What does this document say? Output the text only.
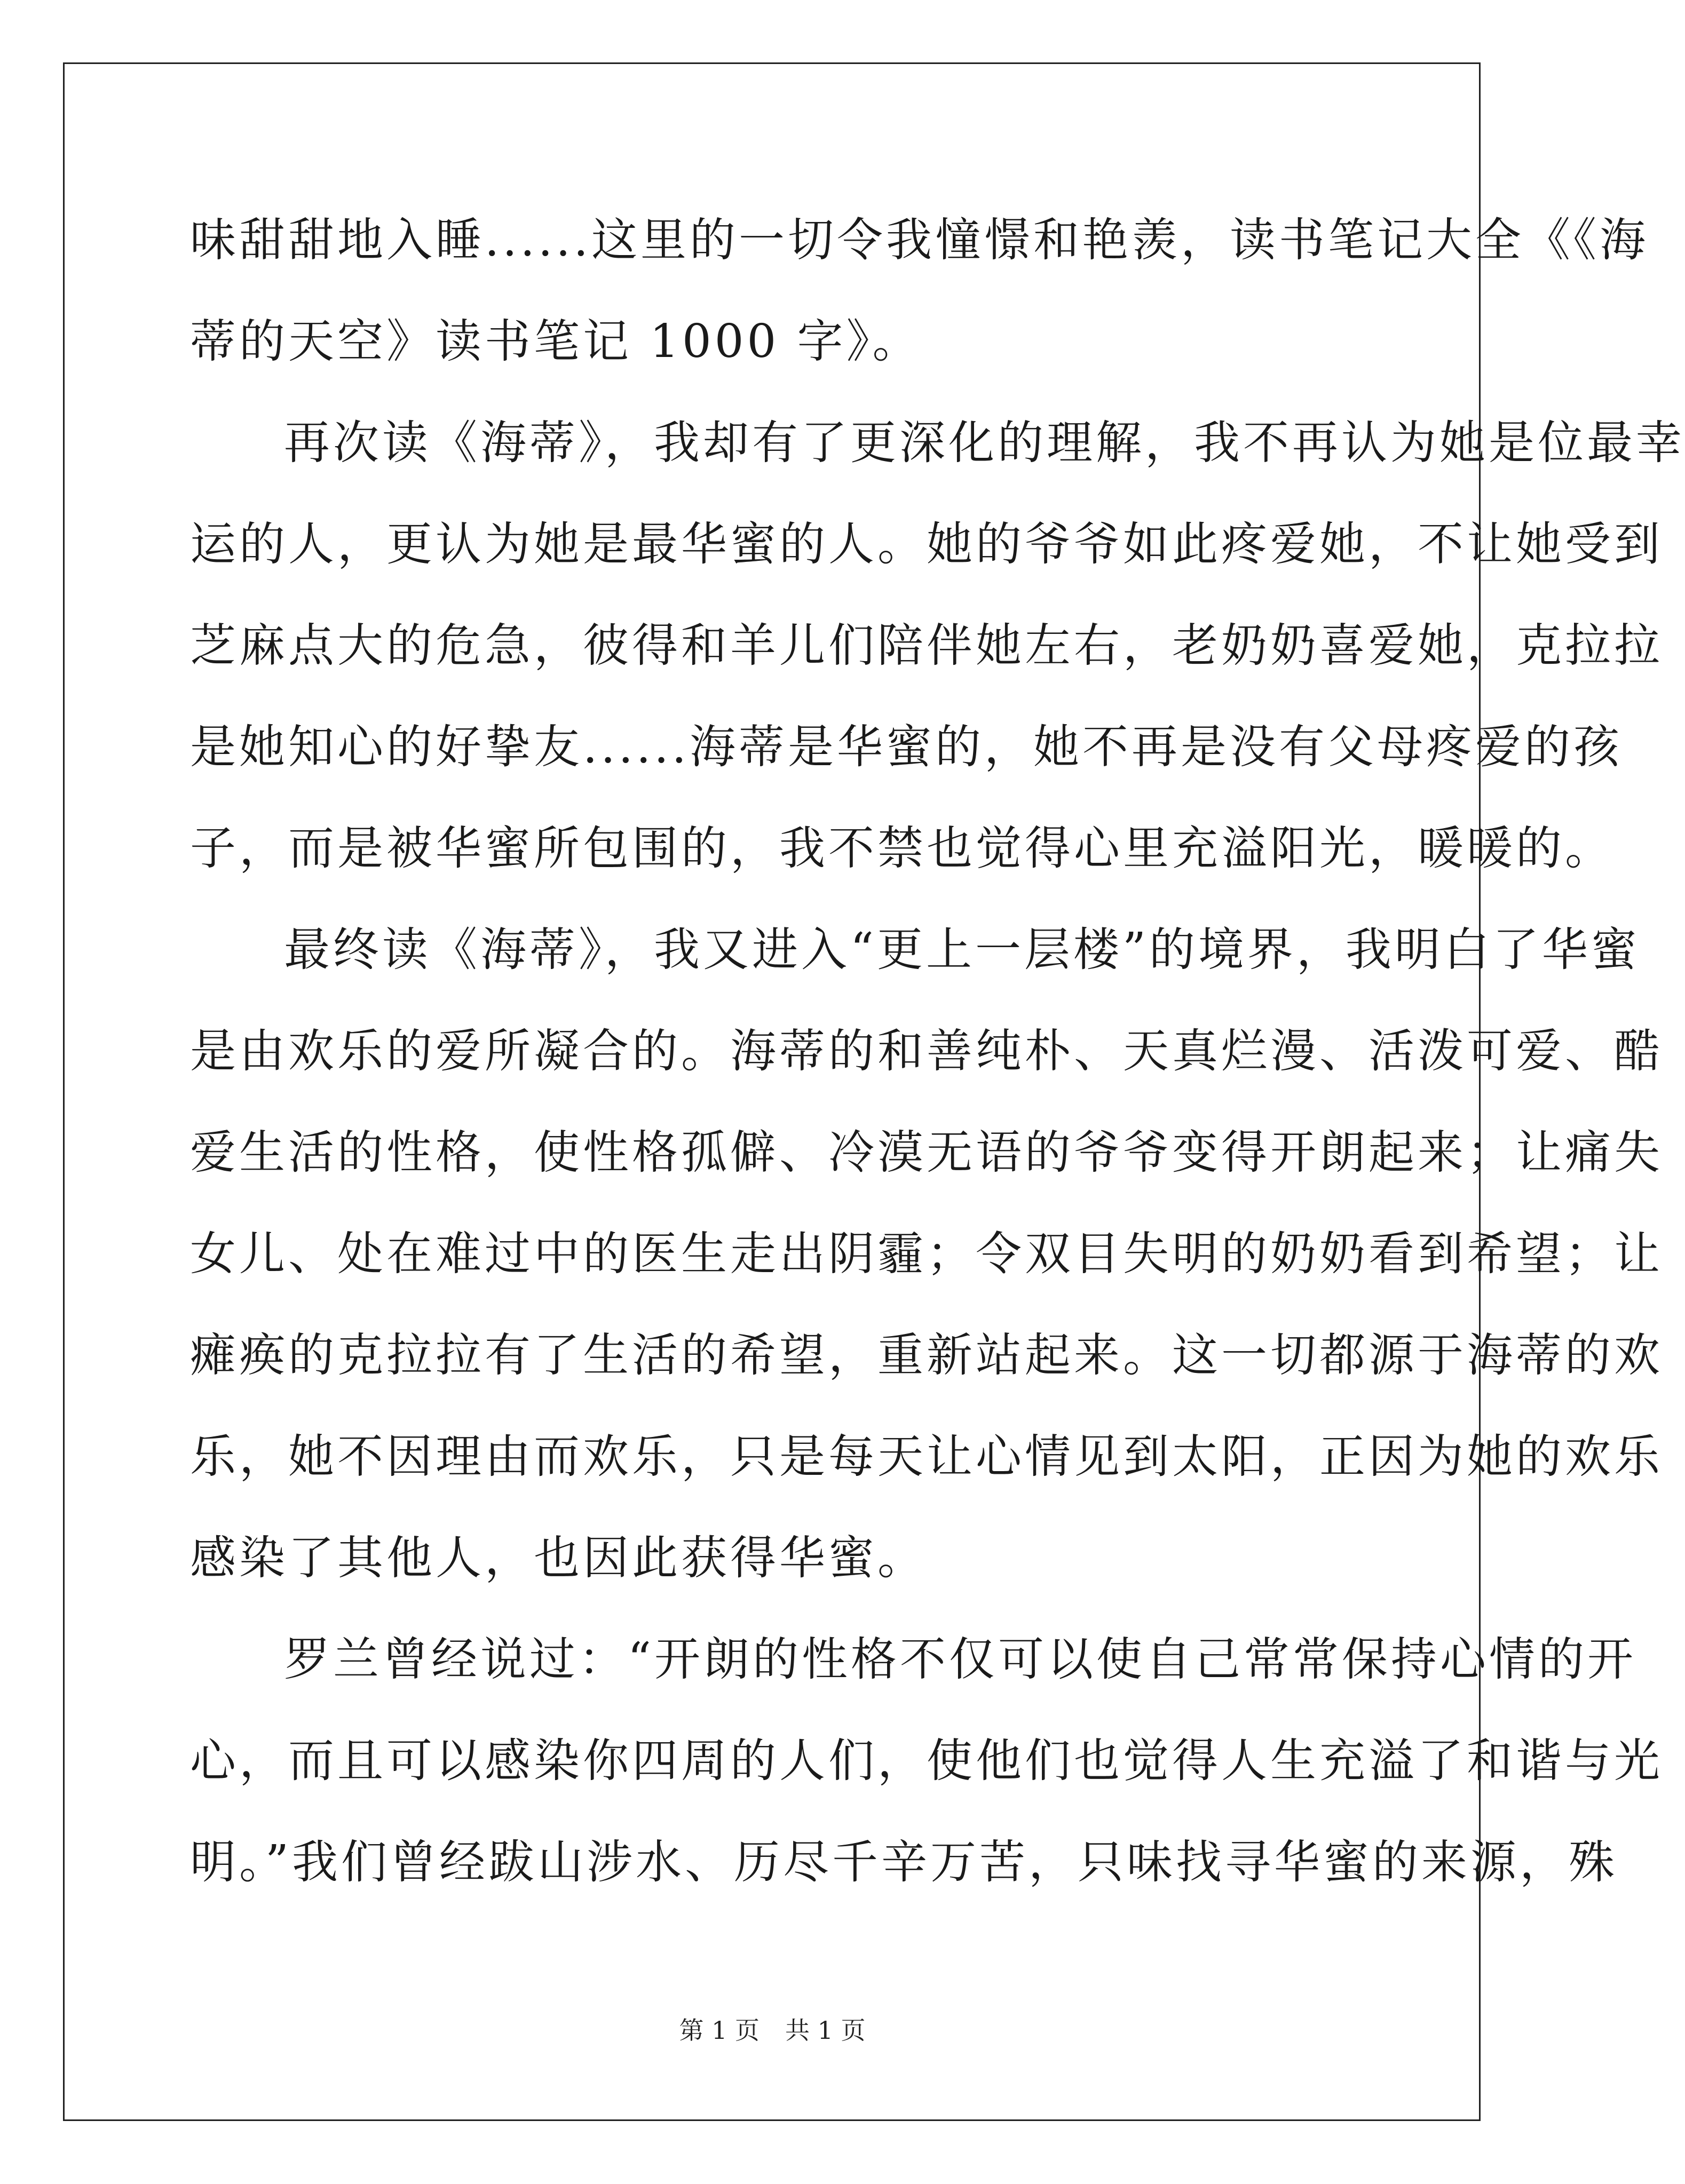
味甜甜地入睡......这里的一切令我憧憬和艳羡，读书笔记大全《《海
蒂的天空》读书笔记 1000 字》。
再次读《海蒂》，我却有了更深化的理解，我不再认为她是位最幸
运的人，更认为她是最华蜜的人。她的爷爷如此疼爱她，不让她受到
芝麻点大的危急，彼得和羊儿们陪伴她左右，老奶奶喜爱她，克拉拉
是她知心的好挚友......海蒂是华蜜的，她不再是没有父母疼爱的孩
子，而是被华蜜所包围的，我不禁也觉得心里充溢阳光，暖暖的。
最终读《海蒂》，我又进入“更上一层楼”的境界，我明白了华蜜
是由欢乐的爱所凝合的。海蒂的和善纯朴、天真烂漫、活泼可爱、酷
爱生活的性格，使性格孤僻、冷漠无语的爷爷变得开朗起来；让痛失
女儿、处在难过中的医生走出阴霾；令双目失明的奶奶看到希望；让
瘫痪的克拉拉有了生活的希望，重新站起来。这一切都源于海蒂的欢
乐，她不因理由而欢乐，只是每天让心情见到太阳，正因为她的欢乐
感染了其他人，也因此获得华蜜。
罗兰曾经说过：“开朗的性格不仅可以使自己常常保持心情的开
心，而且可以感染你四周的人们，使他们也觉得人生充溢了和谐与光
明。”我们曾经跋山涉水、历尽千辛万苦，只味找寻华蜜的来源，殊
第 1 页 共 1 页
